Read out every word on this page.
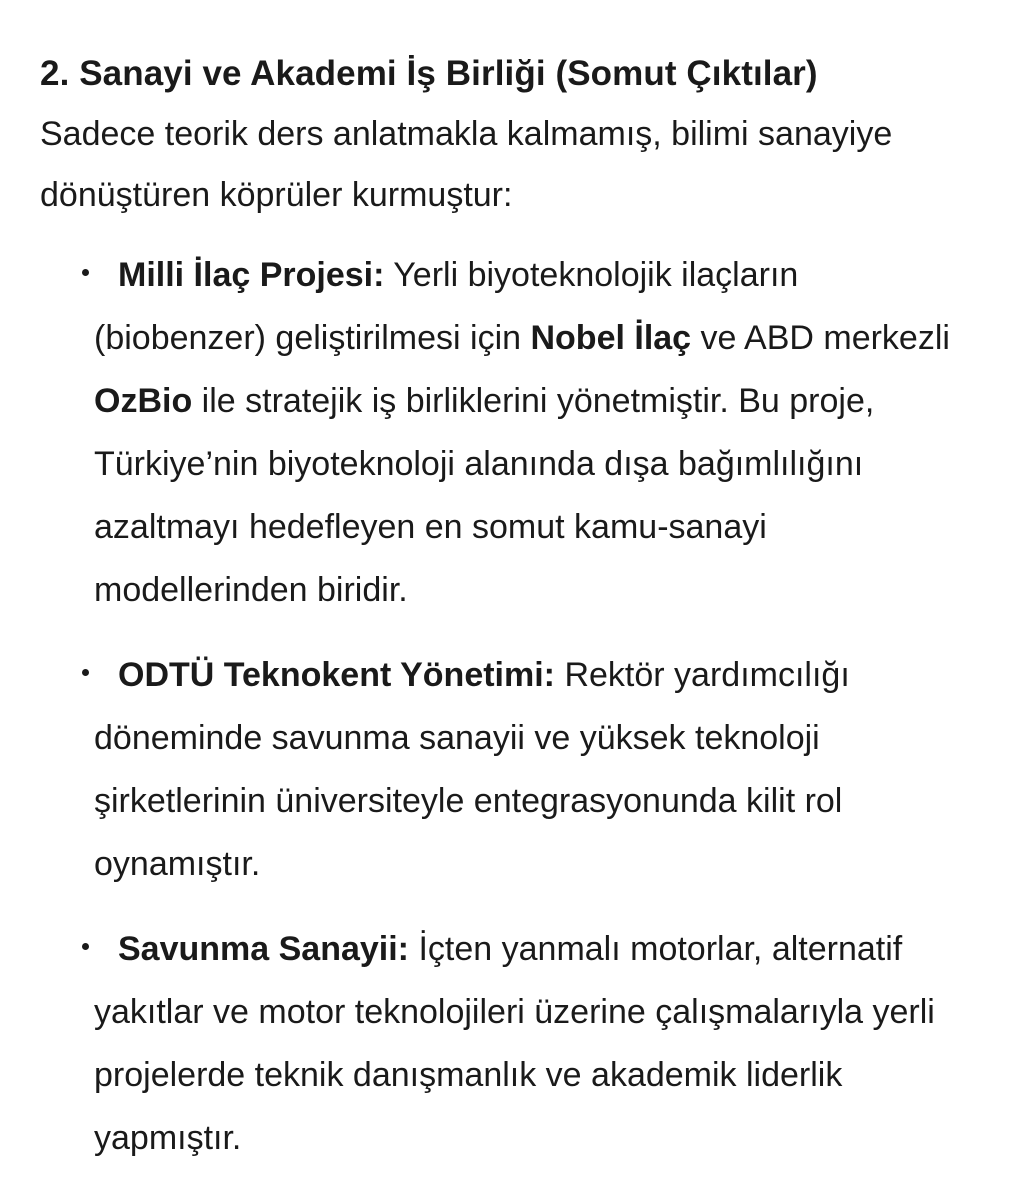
2. Sanayi ve Akademi İş Birliği (Somut Çıktılar)

Sadece teorik ders anlatmakla kalmamış, bilimi sanayiye dönüştüren köprüler kurmuştur:

Milli İlaç Projesi: Yerli biyoteknolojik ilaçların (biobenzer) geliştirilmesi için Nobel İlaç ve ABD merkezli OzBio ile stratejik iş birliklerini yönetmiştir. Bu proje, Türkiye’nin biyoteknoloji alanında dışa bağımlılığını azaltmayı hedefleyen en somut kamu-sanayi modellerinden biridir.
ODTÜ Teknokent Yönetimi: Rektör yardımcılığı döneminde savunma sanayii ve yüksek teknoloji şirketlerinin üniversiteyle entegrasyonunda kilit rol oynamıştır.
Savunma Sanayii: İçten yanmalı motorlar, alternatif yakıtlar ve motor teknolojileri üzerine çalışmalarıyla yerli projelerde teknik danışmanlık ve akademik liderlik yapmıştır.
